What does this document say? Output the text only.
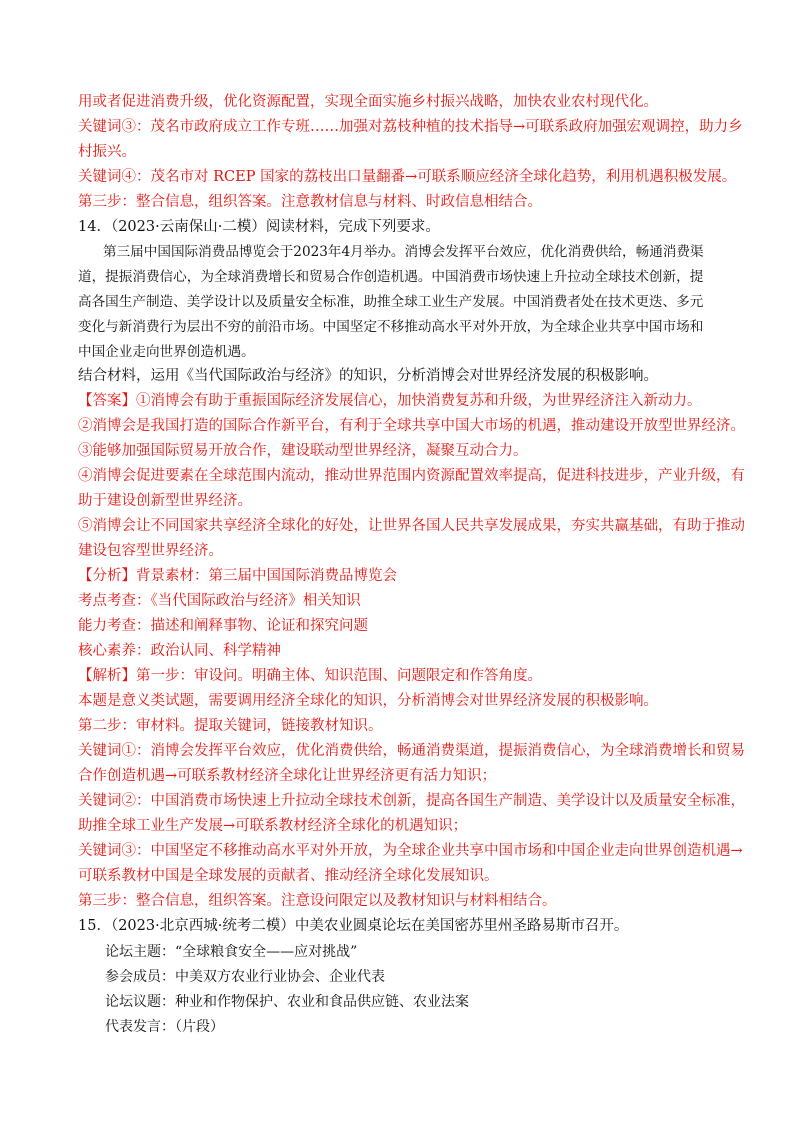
用或者促进消费升级，优化资源配置，实现全面实施乡村振兴战略，加快农业农村现代化。
关键词③：茂名市政府成立工作专班……加强对荔枝种植的技术指导→可联系政府加强宏观调控，助力乡
村振兴。
关键词④：茂名市对 RCEP 国家的荔枝出口量翻番→可联系顺应经济全球化趋势，利用机遇积极发展。
第三步：整合信息，组织答案。注意教材信息与材料、时政信息相结合。
14．（2023·云南保山·二模）阅读材料，完成下列要求。
第三届中国国际消费品博览会于2023年4月举办。消博会发挥平台效应，优化消费供给，畅通消费渠
道，提振消费信心，为全球消费增长和贸易合作创造机遇。中国消费市场快速上升拉动全球技术创新，提
高各国生产制造、美学设计以及质量安全标准，助推全球工业生产发展。中国消费者处在技术更迭、多元
变化与新消费行为层出不穷的前沿市场。中国坚定不移推动高水平对外开放，为全球企业共享中国市场和
中国企业走向世界创造机遇。
结合材料，运用《当代国际政治与经济》的知识，分析消博会对世界经济发展的积极影响。
【答案】①消博会有助于重振国际经济发展信心，加快消费复苏和升级，为世界经济注入新动力。
②消博会是我国打造的国际合作新平台，有利于全球共享中国大市场的机遇，推动建设开放型世界经济。
③能够加强国际贸易开放合作，建设联动型世界经济，凝聚互动合力。
④消博会促进要素在全球范围内流动，推动世界范围内资源配置效率提高，促进科技进步，产业升级，有
助于建设创新型世界经济。
⑤消博会让不同国家共享经济全球化的好处，让世界各国人民共享发展成果，夯实共赢基础，有助于推动
建设包容型世界经济。
【分析】背景素材：第三届中国国际消费品博览会
考点考查：《当代国际政治与经济》相关知识
能力考查：描述和阐释事物、论证和探究问题
核心素养：政治认同、科学精神
【解析】第一步：审设问。明确主体、知识范围、问题限定和作答角度。
本题是意义类试题，需要调用经济全球化的知识，分析消博会对世界经济发展的积极影响。
第二步：审材料。提取关键词，链接教材知识。
关键词①：消博会发挥平台效应，优化消费供给，畅通消费渠道，提振消费信心，为全球消费增长和贸易
合作创造机遇→可联系教材经济全球化让世界经济更有活力知识；
关键词②：中国消费市场快速上升拉动全球技术创新，提高各国生产制造、美学设计以及质量安全标准，
助推全球工业生产发展→可联系教材经济全球化的机遇知识；
关键词③：中国坚定不移推动高水平对外开放，为全球企业共享中国市场和中国企业走向世界创造机遇→
可联系教材中国是全球发展的贡献者、推动经济全球化发展知识。
第三步：整合信息，组织答案。注意设问限定以及教材知识与材料相结合。
15．（2023·北京西城·统考二模）中美农业圆桌论坛在美国密苏里州圣路易斯市召开。
论坛主题：“全球粮食安全——应对挑战”
参会成员：中美双方农业行业协会、企业代表
论坛议题：种业和作物保护、农业和食品供应链、农业法案
代表发言：（片段）
